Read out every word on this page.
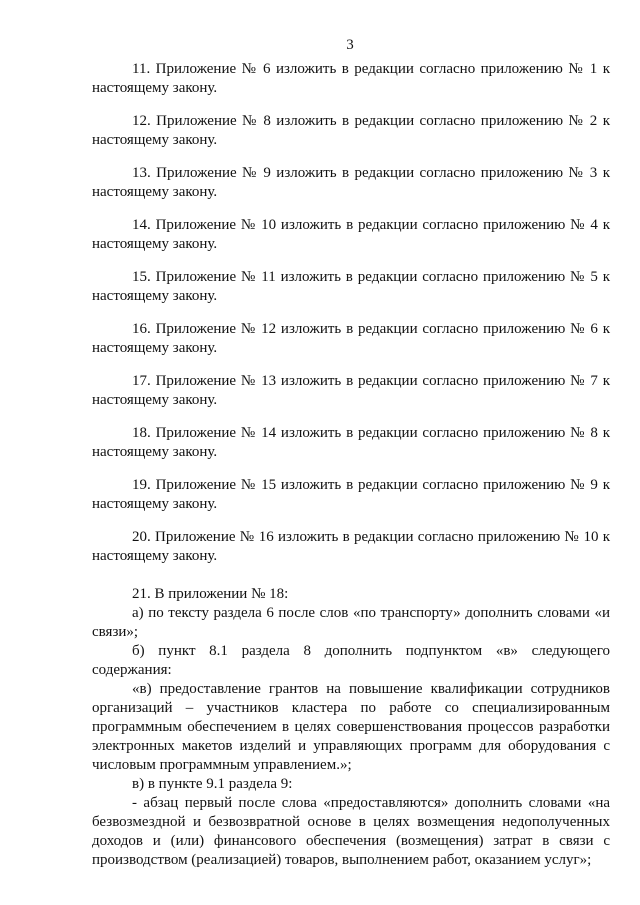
3

11. Приложение № 6 изложить в редакции согласно приложению № 1 к настоящему закону.

12. Приложение № 8 изложить в редакции согласно приложению № 2 к настоящему закону.

13. Приложение № 9 изложить в редакции согласно приложению № 3 к настоящему закону.

14. Приложение № 10 изложить в редакции согласно приложению № 4 к настоящему закону.

15. Приложение № 11 изложить в редакции согласно приложению № 5 к настоящему закону.

16. Приложение № 12 изложить в редакции согласно приложению № 6 к настоящему закону.

17. Приложение № 13 изложить в редакции согласно приложению № 7 к настоящему закону.

18. Приложение № 14 изложить в редакции согласно приложению № 8 к настоящему закону.

19. Приложение № 15 изложить в редакции согласно приложению № 9 к настоящему закону.

20. Приложение № 16 изложить в редакции согласно приложению № 10 к настоящему закону.

21. В приложении № 18:

а) по тексту раздела 6 после слов «по транспорту» дополнить словами «и связи»;

б) пункт 8.1 раздела 8 дополнить подпунктом «в» следующего содержания:

«в) предоставление грантов на повышение квалификации сотрудников организаций – участников кластера по работе со специализированным программным обеспечением в целях совершенствования процессов разработки электронных макетов изделий и управляющих программ для оборудования с числовым программным управлением.»;

в) в пункте 9.1 раздела 9:

- абзац первый после слова «предоставляются» дополнить словами «на безвозмездной и безвозвратной основе в целях возмещения недополученных доходов и (или) финансового обеспечения (возмещения) затрат в связи с производством (реализацией) товаров, выполнением работ, оказанием услуг»;
